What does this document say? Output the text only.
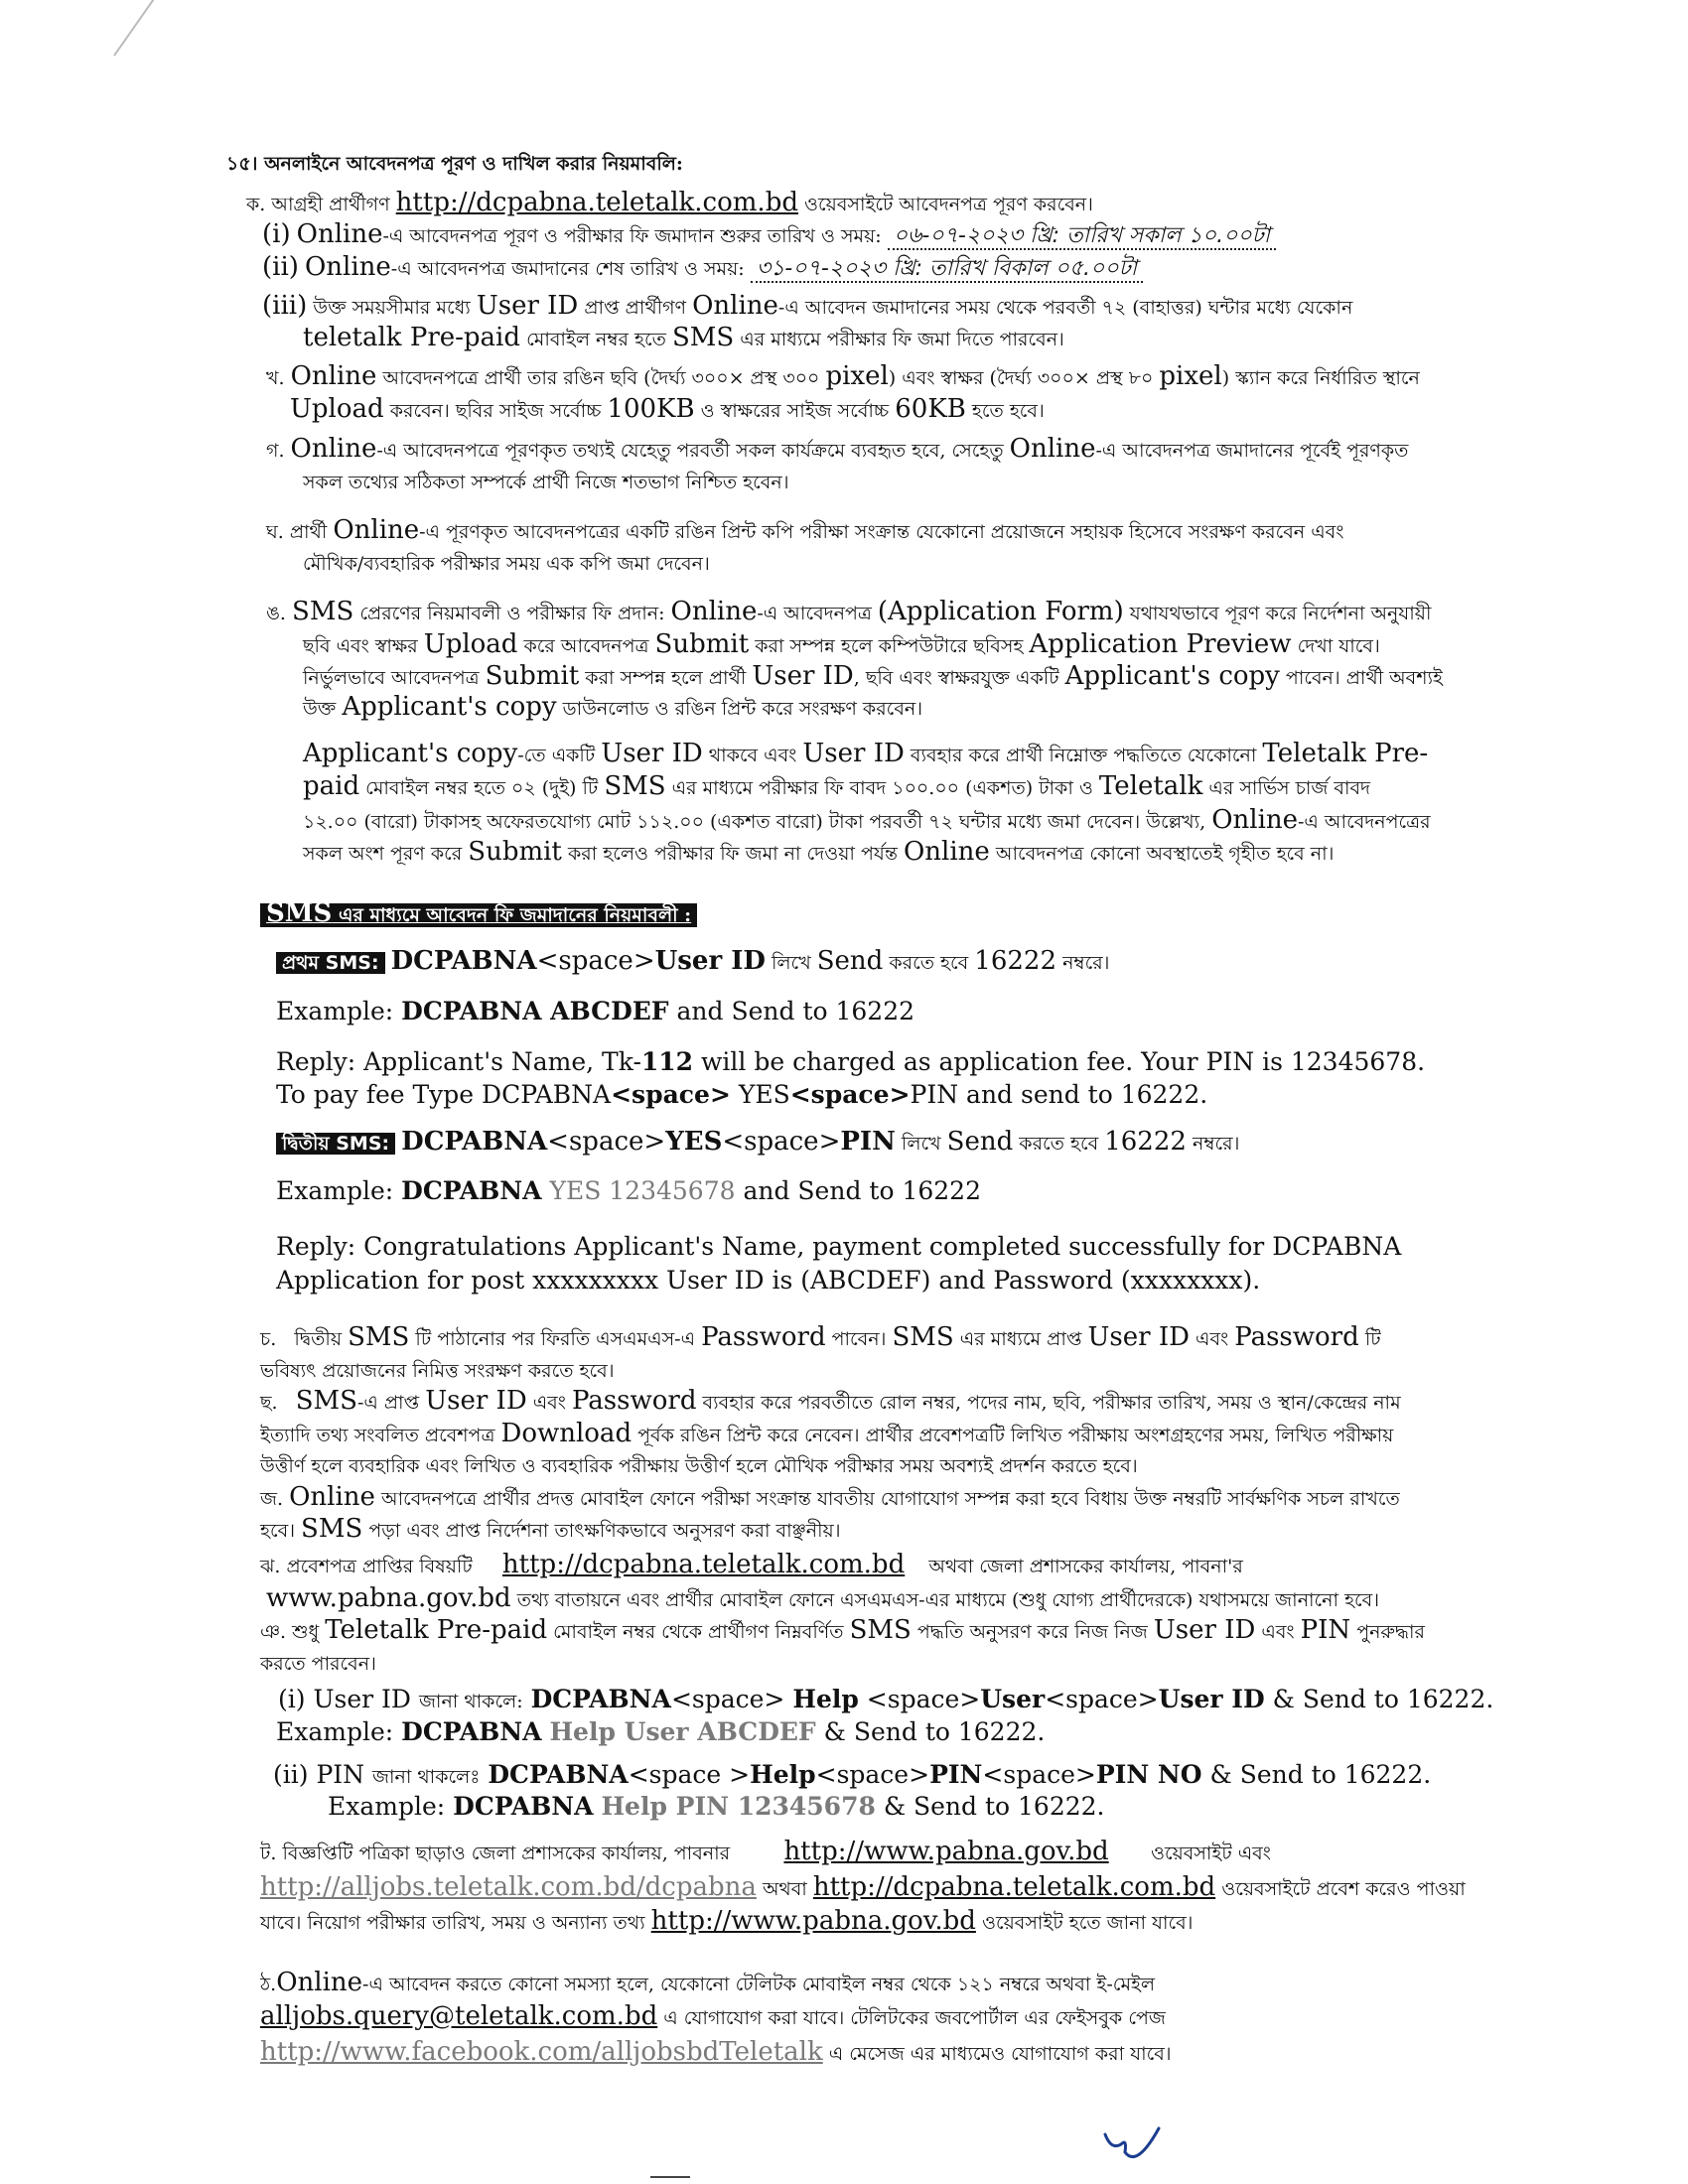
১৫। অনলাইনে আবেদনপত্র পূরণ ও দাখিল করার নিয়মাবলি:
ক. আগ্রহী প্রার্থীগণ http://dcpabna.teletalk.com.bd ওয়েবসাইটে আবেদনপত্র পূরণ করবেন।
(i) Online-এ আবেদনপত্র পূরণ ও পরীক্ষার ফি জমাদান শুরুর তারিখ ও সময়: ০৬-০৭-২০২৩ খ্রি: তারিখ সকাল ১০.০০টা
(ii) Online-এ আবেদনপত্র জমাদানের শেষ তারিখ ও সময়: ৩১-০৭-২০২৩ খ্রি: তারিখ বিকাল ০৫.০০টা
(iii) উক্ত সময়সীমার মধ্যে User ID প্রাপ্ত প্রার্থীগণ Online-এ আবেদন জমাদানের সময় থেকে পরবর্তী ৭২ (বাহাত্তর) ঘন্টার মধ্যে যেকোন
teletalk Pre-paid মোবাইল নম্বর হতে SMS এর মাধ্যমে পরীক্ষার ফি জমা দিতে পারবেন।
খ. Online আবেদনপত্রে প্রার্থী তার রঙিন ছবি (দৈর্ঘ্য ৩০০× প্রস্থ ৩০০ pixel) এবং স্বাক্ষর (দৈর্ঘ্য ৩০০× প্রস্থ ৮০ pixel) স্ক্যান করে নির্ধারিত স্থানে
Upload করবেন। ছবির সাইজ সর্বোচ্চ 100KB ও স্বাক্ষরের সাইজ সর্বোচ্চ 60KB হতে হবে।
গ. Online-এ আবেদনপত্রে পূরণকৃত তথ্যই যেহেতু পরবর্তী সকল কার্যক্রমে ব্যবহৃত হবে, সেহেতু Online-এ আবেদনপত্র জমাদানের পূর্বেই পূরণকৃত
সকল তথ্যের সঠিকতা সম্পর্কে প্রার্থী নিজে শতভাগ নিশ্চিত হবেন।
ঘ. প্রার্থী Online-এ পূরণকৃত আবেদনপত্রের একটি রঙিন প্রিন্ট কপি পরীক্ষা সংক্রান্ত যেকোনো প্রয়োজনে সহায়ক হিসেবে সংরক্ষণ করবেন এবং
মৌখিক/ব্যবহারিক পরীক্ষার সময় এক কপি জমা দেবেন।
ঙ. SMS প্রেরণের নিয়মাবলী ও পরীক্ষার ফি প্রদান: Online-এ আবেদনপত্র (Application Form) যথাযথভাবে পূরণ করে নির্দেশনা অনুযায়ী
ছবি এবং স্বাক্ষর Upload করে আবেদনপত্র Submit করা সম্পন্ন হলে কম্পিউটারে ছবিসহ Application Preview দেখা যাবে।
নির্ভুলভাবে আবেদনপত্র Submit করা সম্পন্ন হলে প্রার্থী User ID, ছবি এবং স্বাক্ষরযুক্ত একটি Applicant's copy পাবেন। প্রার্থী অবশ্যই
উক্ত Applicant's copy ডাউনলোড ও রঙিন প্রিন্ট করে সংরক্ষণ করবেন।
Applicant's copy-তে একটি User ID থাকবে এবং User ID ব্যবহার করে প্রার্থী নিম্নোক্ত পদ্ধতিতে যেকোনো Teletalk Pre-
paid মোবাইল নম্বর হতে ০২ (দুই) টি SMS এর মাধ্যমে পরীক্ষার ফি বাবদ ১০০.০০ (একশত) টাকা ও Teletalk এর সার্ভিস চার্জ বাবদ
১২.০০ (বারো) টাকাসহ অফেরতযোগ্য মোট ১১২.০০ (একশত বারো) টাকা পরবর্তী ৭২ ঘন্টার মধ্যে জমা দেবেন। উল্লেখ্য, Online-এ আবেদনপত্রের
সকল অংশ পূরণ করে Submit করা হলেও পরীক্ষার ফি জমা না দেওয়া পর্যন্ত Online আবেদনপত্র কোনো অবস্থাতেই গৃহীত হবে না।
SMS এর মাধ্যমে আবেদন ফি জমাদানের নিয়মাবলী :
প্রথম SMS: DCPABNA<space>User ID লিখে Send করতে হবে 16222 নম্বরে।
Example: DCPABNA ABCDEF and Send to 16222
Reply: Applicant's Name, Tk-112 will be charged as application fee. Your PIN is 12345678.
To pay fee Type DCPABNA<space> YES<space>PIN and send to 16222.
দ্বিতীয় SMS: DCPABNA<space>YES<space>PIN লিখে Send করতে হবে 16222 নম্বরে।
Example: DCPABNA YES 12345678 and Send to 16222
Reply: Congratulations Applicant's Name, payment completed successfully for DCPABNA
Application for post xxxxxxxxx User ID is (ABCDEF) and Password (xxxxxxxx).
চ. দ্বিতীয় SMS টি পাঠানোর পর ফিরতি এসএমএস-এ Password পাবেন। SMS এর মাধ্যমে প্রাপ্ত User ID এবং Password টি
ভবিষ্যৎ প্রয়োজনের নিমিত্ত সংরক্ষণ করতে হবে।
ছ. SMS-এ প্রাপ্ত User ID এবং Password ব্যবহার করে পরবর্তীতে রোল নম্বর, পদের নাম, ছবি, পরীক্ষার তারিখ, সময় ও স্থান/কেন্দ্রের নাম
ইত্যাদি তথ্য সংবলিত প্রবেশপত্র Download পূর্বক রঙিন প্রিন্ট করে নেবেন। প্রার্থীর প্রবেশপত্রটি লিখিত পরীক্ষায় অংশগ্রহণের সময়, লিখিত পরীক্ষায়
উত্তীর্ণ হলে ব্যবহারিক এবং লিখিত ও ব্যবহারিক পরীক্ষায় উত্তীর্ণ হলে মৌখিক পরীক্ষার সময় অবশ্যই প্রদর্শন করতে হবে।
জ. Online আবেদনপত্রে প্রার্থীর প্রদত্ত মোবাইল ফোনে পরীক্ষা সংক্রান্ত যাবতীয় যোগাযোগ সম্পন্ন করা হবে বিধায় উক্ত নম্বরটি সার্বক্ষণিক সচল রাখতে
হবে। SMS পড়া এবং প্রাপ্ত নির্দেশনা তাৎক্ষণিকভাবে অনুসরণ করা বাঞ্ছনীয়।
ঝ. প্রবেশপত্র প্রাপ্তির বিষয়টি http://dcpabna.teletalk.com.bd অথবা জেলা প্রশাসকের কার্যালয়, পাবনা'র
www.pabna.gov.bd তথ্য বাতায়নে এবং প্রার্থীর মোবাইল ফোনে এসএমএস-এর মাধ্যমে (শুধু যোগ্য প্রার্থীদেরকে) যথাসময়ে জানানো হবে।
ঞ. শুধু Teletalk Pre-paid মোবাইল নম্বর থেকে প্রার্থীগণ নিম্নবর্ণিত SMS পদ্ধতি অনুসরণ করে নিজ নিজ User ID এবং PIN পুনরুদ্ধার
করতে পারবেন।
(i) User ID জানা থাকলে: DCPABNA<space> Help <space>User<space>User ID & Send to 16222.
Example: DCPABNA Help User ABCDEF & Send to 16222.
(ii) PIN জানা থাকলেঃ DCPABNA<space >Help<space>PIN<space>PIN NO & Send to 16222.
Example: DCPABNA Help PIN 12345678 & Send to 16222.
ট. বিজ্ঞপ্তিটি পত্রিকা ছাড়াও জেলা প্রশাসকের কার্যালয়, পাবনার http://www.pabna.gov.bd ওয়েবসাইট এবং
http://alljobs.teletalk.com.bd/dcpabna অথবা http://dcpabna.teletalk.com.bd ওয়েবসাইটে প্রবেশ করেও পাওয়া
যাবে। নিয়োগ পরীক্ষার তারিখ, সময় ও অন্যান্য তথ্য http://www.pabna.gov.bd ওয়েবসাইট হতে জানা যাবে।
ঠ.Online-এ আবেদন করতে কোনো সমস্যা হলে, যেকোনো টেলিটক মোবাইল নম্বর থেকে ১২১ নম্বরে অথবা ই-মেইল
alljobs.query@teletalk.com.bd এ যোগাযোগ করা যাবে। টেলিটকের জবপোর্টাল এর ফেইসবুক পেজ
http://www.facebook.com/alljobsbdTeletalk এ মেসেজ এর মাধ্যমেও যোগাযোগ করা যাবে।
